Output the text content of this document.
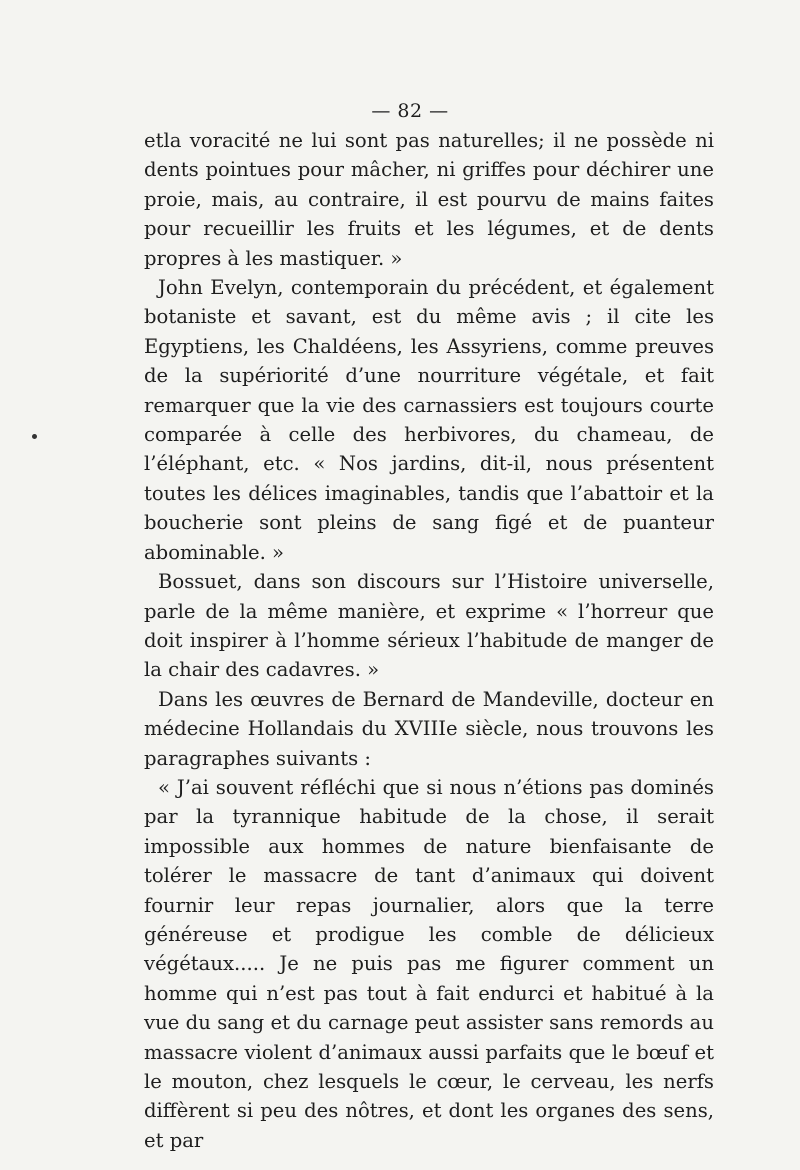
— 82 —

etla voracité ne lui sont pas naturelles; il ne possède ni dents pointues pour mâcher, ni griffes pour déchirer une proie, mais, au contraire, il est pourvu de mains faites pour recueillir les fruits et les légumes, et de dents propres à les mastiquer. »

John Evelyn, contemporain du précédent, et également botaniste et savant, est du même avis ; il cite les Egyptiens, les Chaldéens, les Assyriens, comme preuves de la supériorité d’une nourriture végétale, et fait remarquer que la vie des carnassiers est toujours courte comparée à celle des herbivores, du chameau, de l’éléphant, etc. « Nos jardins, dit-il, nous présentent toutes les délices imaginables, tandis que l’abattoir et la boucherie sont pleins de sang figé et de puanteur abominable. »

Bossuet, dans son discours sur l’Histoire universelle, parle de la même manière, et exprime « l’horreur que doit inspirer à l’homme sérieux l’habitude de manger de la chair des cadavres. »

Dans les œuvres de Bernard de Mandeville, docteur en médecine Hollandais du XVIIIe siècle, nous trouvons les paragraphes suivants :

« J’ai souvent réfléchi que si nous n’étions pas dominés par la tyrannique habitude de la chose, il serait impossible aux hommes de nature bienfaisante de tolérer le massacre de tant d’animaux qui doivent fournir leur repas journalier, alors que la terre généreuse et prodigue les comble de délicieux végétaux..... Je ne puis pas me figurer comment un homme qui n’est pas tout à fait endurci et habitué à la vue du sang et du carnage peut assister sans remords au massacre violent d’animaux aussi parfaits que le bœuf et le mouton, chez lesquels le cœur, le cerveau, les nerfs diffèrent si peu des nôtres, et dont les organes des sens, et par
